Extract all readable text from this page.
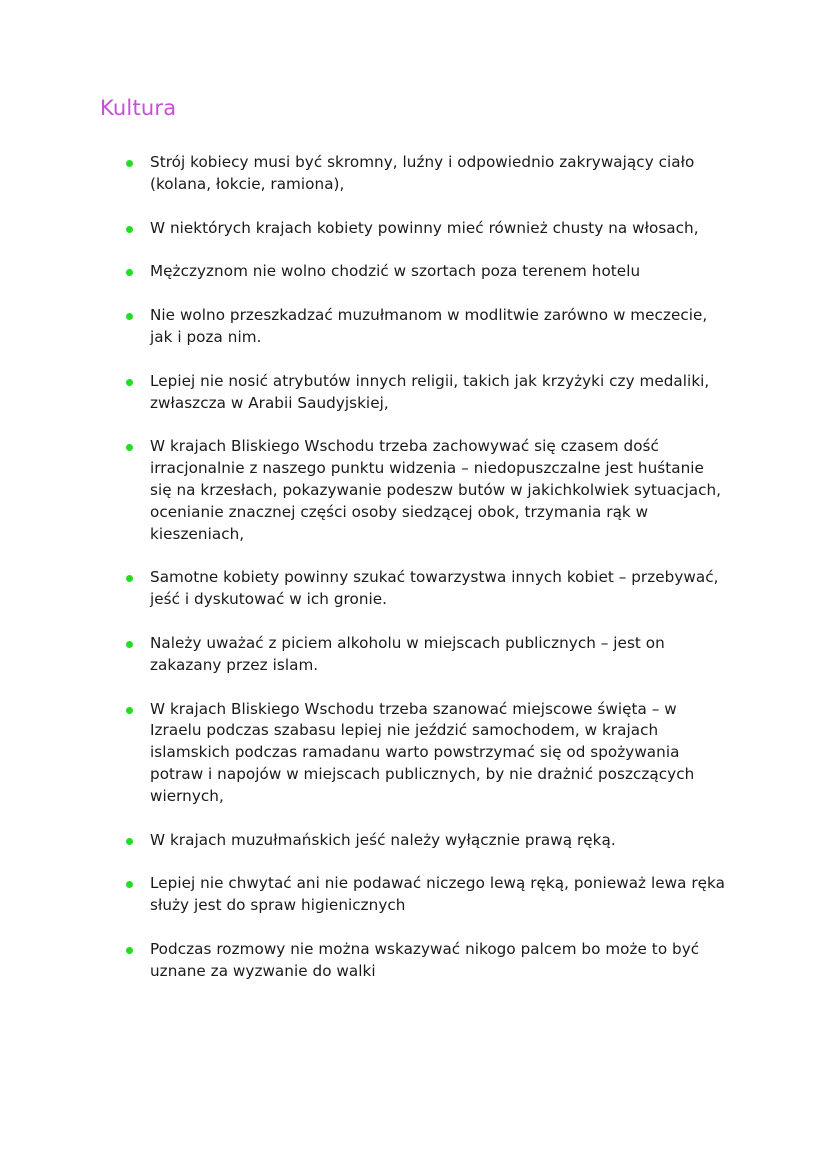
Kultura
Strój kobiecy musi być skromny, luźny i odpowiednio zakrywający ciało (kolana, łokcie, ramiona),
W niektórych krajach kobiety powinny mieć również chusty na włosach,
Mężczyznom nie wolno chodzić w szortach poza terenem hotelu
Nie wolno przeszkadzać muzułmanom w modlitwie zarówno w meczecie, jak i poza nim.
Lepiej nie nosić atrybutów innych religii, takich jak krzyżyki czy medaliki, zwłaszcza w Arabii Saudyjskiej,
W krajach Bliskiego Wschodu trzeba zachowywać się czasem dość irracjonalnie z naszego punktu widzenia – niedopuszczalne jest huśtanie się na krzesłach, pokazywanie podeszw butów w jakichkolwiek sytuacjach, ocenianie znacznej części osoby siedzącej obok, trzymania rąk w kieszeniach,
Samotne kobiety powinny szukać towarzystwa innych kobiet – przebywać, jeść i dyskutować w ich gronie.
Należy uważać z piciem alkoholu w miejscach publicznych – jest on zakazany przez islam.
W krajach Bliskiego Wschodu trzeba szanować miejscowe święta – w Izraelu podczas szabasu lepiej nie jeździć samochodem, w krajach islamskich podczas ramadanu warto powstrzymać się od spożywania potraw i napojów w miejscach publicznych, by nie drażnić poszczących wiernych,
W krajach muzułmańskich jeść należy wyłącznie prawą ręką.
Lepiej nie chwytać ani nie podawać niczego lewą ręką, ponieważ lewa ręka służy jest do spraw higienicznych
Podczas rozmowy nie można wskazywać nikogo palcem bo może to być uznane za wyzwanie do walki
